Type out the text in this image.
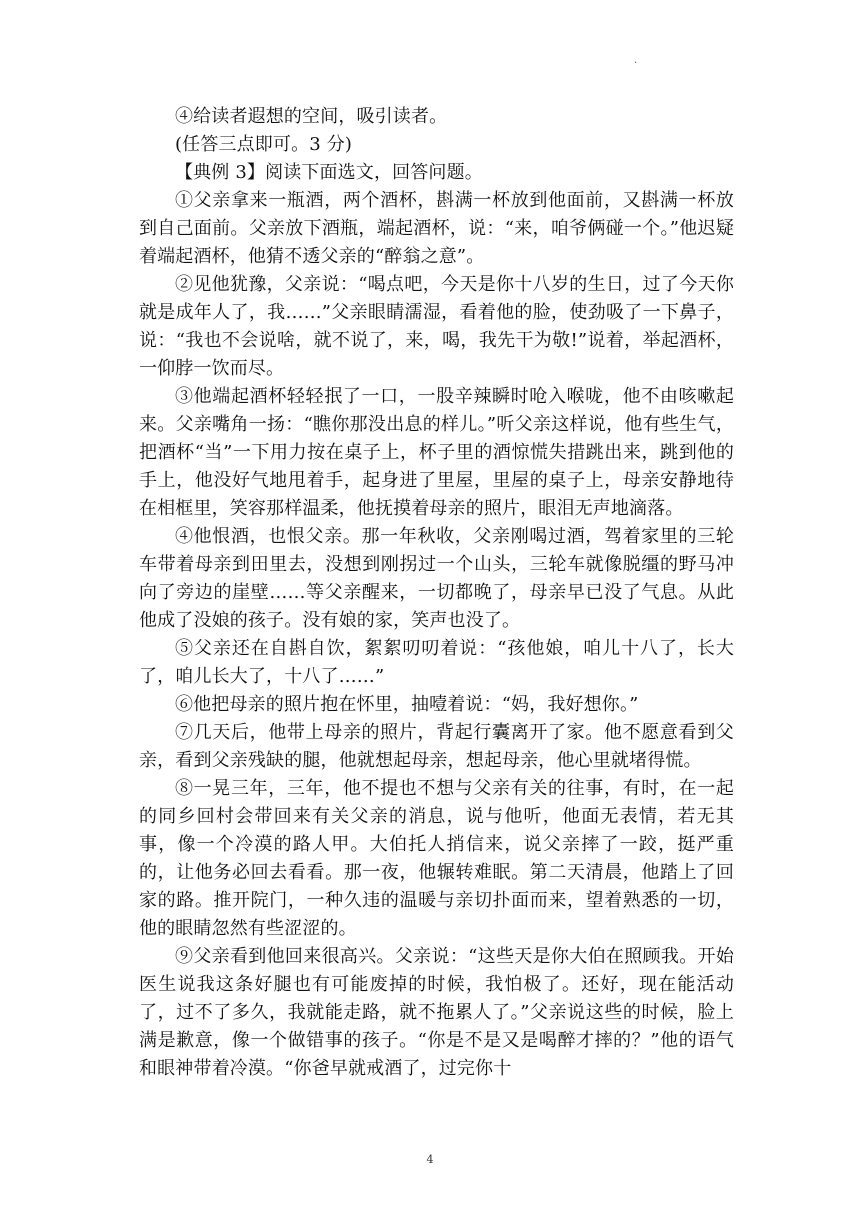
.

④给读者遐想的空间，吸引读者。

(任答三点即可。3 分)

【典例 3】阅读下面选文，回答问题。

①父亲拿来一瓶酒，两个酒杯，斟满一杯放到他面前，又斟满一杯放到自己面前。父亲放下酒瓶，端起酒杯，说：“来，咱爷俩碰一个。”他迟疑着端起酒杯，他猜不透父亲的“醉翁之意”。

②见他犹豫，父亲说：“喝点吧，今天是你十八岁的生日，过了今天你就是成年人了，我……”父亲眼睛濡湿，看着他的脸，使劲吸了一下鼻子，说：“我也不会说啥，就不说了，来，喝，我先干为敬!”说着，举起酒杯，一仰脖一饮而尽。

③他端起酒杯轻轻抿了一口，一股辛辣瞬时呛入喉咙，他不由咳嗽起来。父亲嘴角一扬：“瞧你那没出息的样儿。”听父亲这样说，他有些生气，把酒杯“当”一下用力按在桌子上，杯子里的酒惊慌失措跳出来，跳到他的手上，他没好气地甩着手，起身进了里屋，里屋的桌子上，母亲安静地待在相框里，笑容那样温柔，他抚摸着母亲的照片，眼泪无声地滴落。

④他恨酒，也恨父亲。那一年秋收，父亲刚喝过酒，驾着家里的三轮车带着母亲到田里去，没想到刚拐过一个山头，三轮车就像脱缰的野马冲向了旁边的崖壁……等父亲醒来，一切都晚了，母亲早已没了气息。从此他成了没娘的孩子。没有娘的家，笑声也没了。

⑤父亲还在自斟自饮，絮絮叨叨着说：“孩他娘，咱儿十八了，长大了，咱儿长大了，十八了……”

⑥他把母亲的照片抱在怀里，抽噎着说：“妈，我好想你。”

⑦几天后，他带上母亲的照片，背起行囊离开了家。他不愿意看到父亲，看到父亲残缺的腿，他就想起母亲，想起母亲，他心里就堵得慌。

⑧一晃三年，三年，他不提也不想与父亲有关的往事，有时，在一起的同乡回村会带回来有关父亲的消息，说与他听，他面无表情，若无其事，像一个冷漠的路人甲。大伯托人捎信来，说父亲摔了一跤，挺严重的，让他务必回去看看。那一夜，他辗转难眠。第二天清晨，他踏上了回家的路。推开院门，一种久违的温暖与亲切扑面而来，望着熟悉的一切，他的眼睛忽然有些涩涩的。

⑨父亲看到他回来很高兴。父亲说：“这些天是你大伯在照顾我。开始医生说我这条好腿也有可能废掉的时候，我怕极了。还好，现在能活动了，过不了多久，我就能走路，就不拖累人了。”父亲说这些的时候，脸上满是歉意，像一个做错事的孩子。“你是不是又是喝醉才摔的？”他的语气和眼神带着冷漠。“你爸早就戒酒了，过完你十

4
